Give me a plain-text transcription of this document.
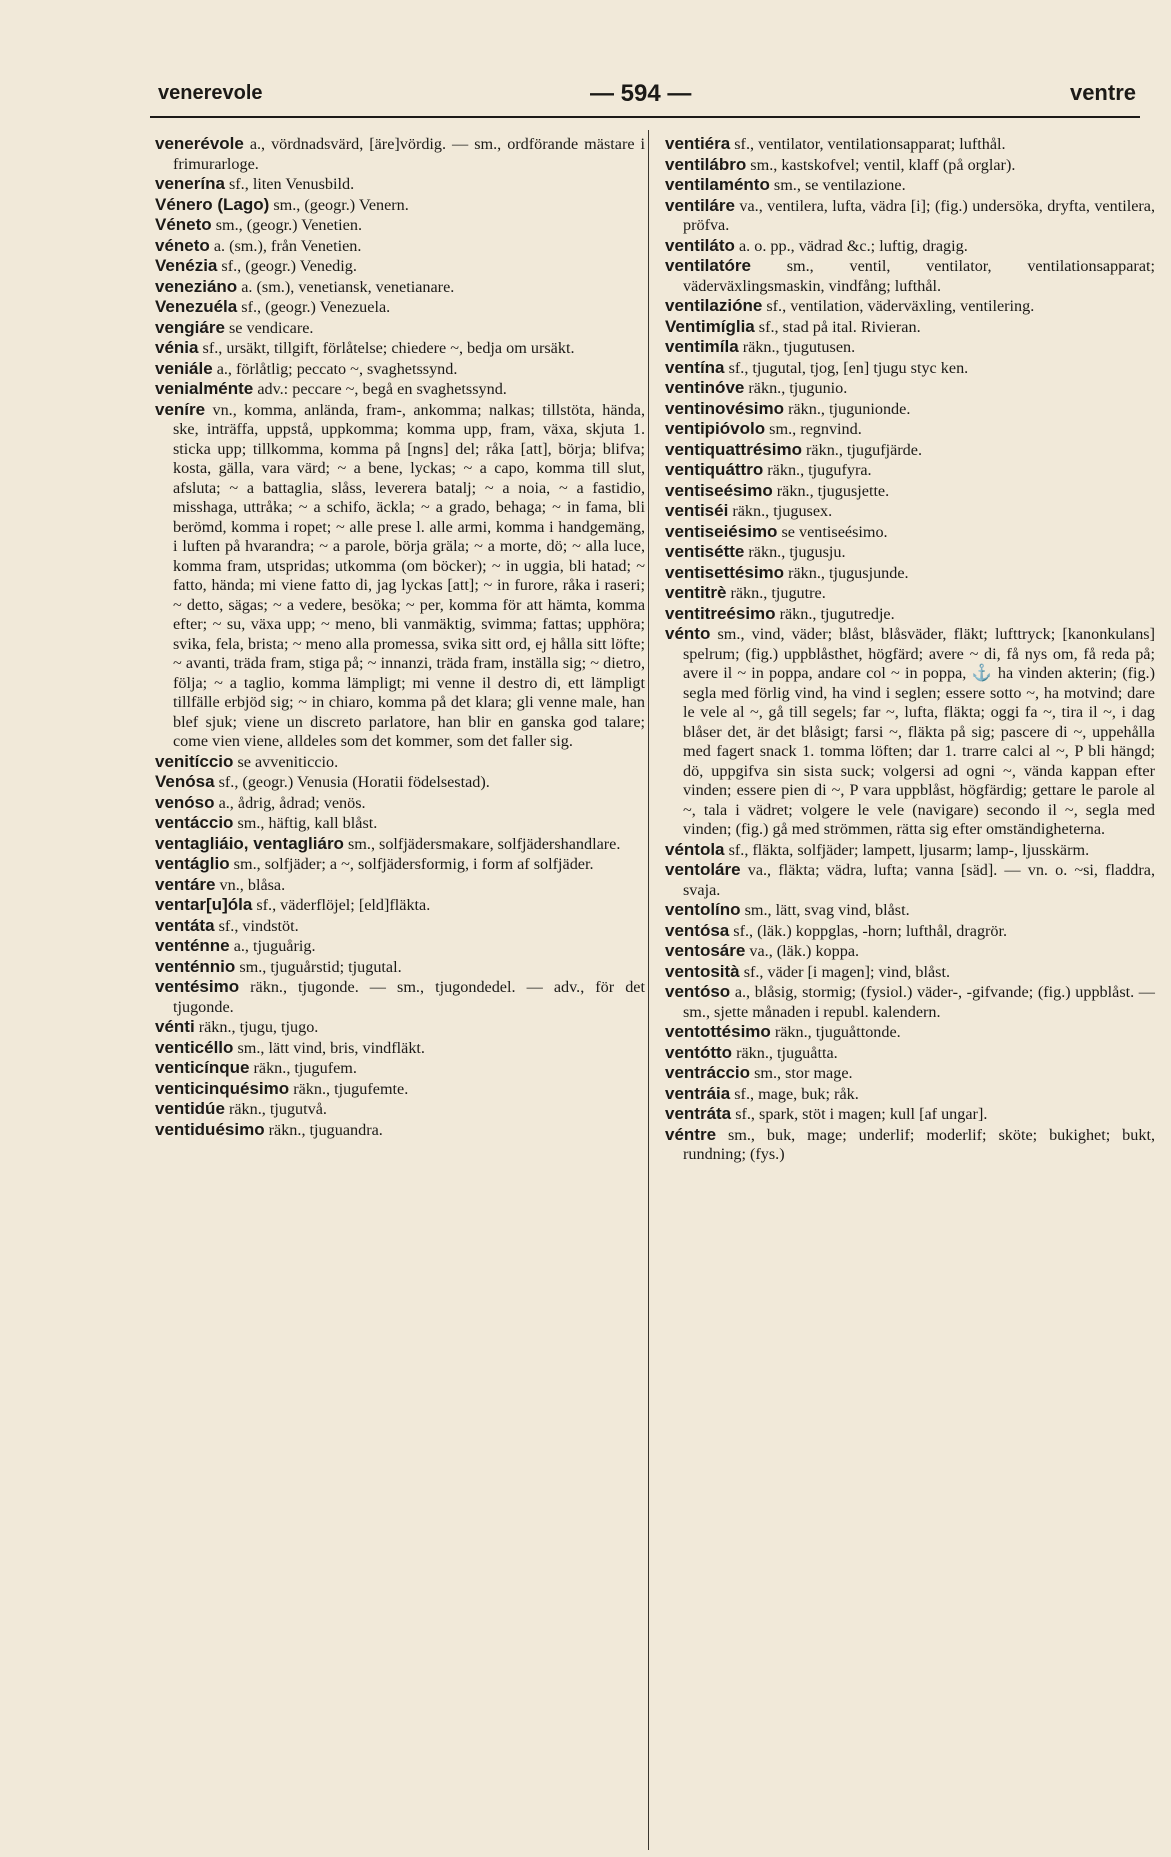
venerevole	— 594 —	ventre
venerévole a., vördnadsvärd, [äre]vördig. — sm., ordförande mästare i frimurarloge.
venerína sf., liten Venusbild.
Vénero (Lago) sm., (geogr.) Venern.
Véneto sm., (geogr.) Venetien.
véneto a. (sm.), från Venetien.
Venézia sf., (geogr.) Venedig.
veneziáno a. (sm.), venetiansk, venetianare.
Venezuéla sf., (geogr.) Venezuela.
vengiáre se vendicare.
vénia sf., ursäkt, tillgift, förlåtelse; chiedere ~, bedja om ursäkt.
veniále a., förlåtlig; peccato ~, svaghetssynd.
venialménte adv.: peccare ~, begå en svaghetssynd.
veníre vn., komma, anlända, fram-, ankomma; nalkas; tillstöta, hända, ske, inträffa, uppstå, uppkomma; komma upp, fram, växa, skjuta 1. sticka upp; tillkomma, komma på [ngns] del; råka [att], börja; blifva; kosta, gälla, vara värd; ~ a bene, lyckas; ~ a capo, komma till slut, afsluta; ~ a battaglia, slåss, leverera batalj; ~ a noia, ~ a fastidio, misshaga, uttråka; ~ a schifo, äckla; ~ a grado, behaga; ~ in fama, bli berömd, komma i ropet; ~ alle prese l. alle armi, komma i handgemäng, i luften på hvarandra; ~ a parole, börja gräla; ~ a morte, dö; ~ alla luce, komma fram, utspridas; utkomma (om böcker); ~ in uggia, bli hatad; ~ fatto, hända; mi viene fatto di, jag lyckas [att]; ~ in furore, råka i raseri; ~ detto, sägas; ~ a vedere, besöka; ~ per, komma för att hämta, komma efter; ~ su, växa upp; ~ meno, bli vanmäktig, svimma; fattas; upphöra; svika, fela, brista; ~ meno alla promessa, svika sitt ord, ej hålla sitt löfte; ~ avanti, träda fram, stiga på; ~ innanzi, träda fram, inställa sig; ~ dietro, följa; ~ a taglio, komma lämpligt; mi venne il destro di, ett lämpligt tillfälle erbjöd sig; ~ in chiaro, komma på det klara; gli venne male, han blef sjuk; viene un discreto parlatore, han blir en ganska god talare; come vien viene, alldeles som det kommer, som det faller sig.
venitíccio se avveniticcio.
Venósa sf., (geogr.) Venusia (Horatii födelsestad).
venóso a., ådrig, ådrad; venös.
ventáccio sm., häftig, kall blåst.
ventagliáio, ventagliáro sm., solfjädersmakare, solfjädershandlare.
ventáglio sm., solfjäder; a ~, solfjädersformig, i form af solfjäder.
ventáre vn., blåsa.
ventar[u]óla sf., väderflöjel; [eld]fläkta.
ventáta sf., vindstöt.
venténne a., tjuguårig.
venténnio sm., tjuguårstid; tjugutal.
ventésimo räkn., tjugonde. — sm., tjugondedel. — adv., för det tjugonde.
vénti räkn., tjugu, tjugo.
venticéllo sm., lätt vind, bris, vindfläkt.
venticínque räkn., tjugufem.
venticinquésimo räkn., tjugufemte.
ventidúe räkn., tjugutvå.
ventiduésimo räkn., tjuguandra.
ventiéra sf., ventilator, ventilationsapparat; lufthål.
ventilábro sm., kastskofvel; ventil, klaff (på orglar).
ventilaménto sm., se ventilazione.
ventiláre va., ventilera, lufta, vädra [i]; (fig.) undersöka, dryfta, ventilera, pröfva.
ventiláto a. o. pp., vädrad &c.; luftig, dragig.
ventilatóre sm., ventil, ventilator, ventilationsapparat; väderväxlingsmaskin, vindfång; lufthål.
ventilazióne sf., ventilation, väderväxling, ventilering.
Ventimíglia sf., stad på ital. Rivieran.
ventimíla räkn., tjugutusen.
ventína sf., tjugutal, tjog, [en] tjugu styc ken.
ventinóve räkn., tjugunio.
ventinovésimo räkn., tjugunionde.
ventipióvolo sm., regnvind.
ventiquattrésimo räkn., tjugufjärde.
ventiquáttro räkn., tjugufyra.
ventiseésimo räkn., tjugusjette.
ventiséi räkn., tjugusex.
ventiseiésimo se ventiseésimo.
ventisétte räkn., tjugusju.
ventisettésimo räkn., tjugusjunde.
ventitrè räkn., tjugutre.
ventitreésimo räkn., tjugutredje.
vénto sm., vind, väder; blåst, blåsväder, fläkt; lufttryck; [kanonkulans] spelrum; (fig.) uppblåsthet, högfärd; avere ~ di, få nys om, få reda på; avere il ~ in poppa, andare col ~ in poppa, ⚓ ha vinden akterin; (fig.) segla med förlig vind, ha vind i seglen; essere sotto ~, ha motvind; dare le vele al ~, gå till segels; far ~, lufta, fläkta; oggi fa ~, tira il ~, i dag blåser det, är det blåsigt; farsi ~, fläkta på sig; pascere di ~, uppehålla med fagert snack 1. tomma löften; dar 1. trarre calci al ~, P bli hängd; dö, uppgifva sin sista suck; volgersi ad ogni ~, vända kappan efter vinden; essere pien di ~, P vara uppblåst, högfärdig; gettare le parole al ~, tala i vädret; volgere le vele (navigare) secondo il ~, segla med vinden; (fig.) gå med strömmen, rätta sig efter omständigheterna.
véntola sf., fläkta, solfjäder; lampett, ljusarm; lamp-, ljusskärm.
ventoláre va., fläkta; vädra, lufta; vanna [säd]. — vn. o. ~si, fladdra, svaja.
ventolíno sm., lätt, svag vind, blåst.
ventósa sf., (läk.) koppglas, -horn; lufthål, dragrör.
ventosáre va., (läk.) koppa.
ventosità sf., väder [i magen]; vind, blåst.
ventóso a., blåsig, stormig; (fysiol.) väder-, -gifvande; (fig.) uppblåst. — sm., sjette månaden i republ. kalendern.
ventottésimo räkn., tjuguåttonde.
ventótto räkn., tjuguåtta.
ventráccio sm., stor mage.
ventráia sf., mage, buk; råk.
ventráta sf., spark, stöt i magen; kull [af ungar].
véntre sm., buk, mage; underlif; moderlif; sköte; bukighet; bukt, rundning; (fys.)
